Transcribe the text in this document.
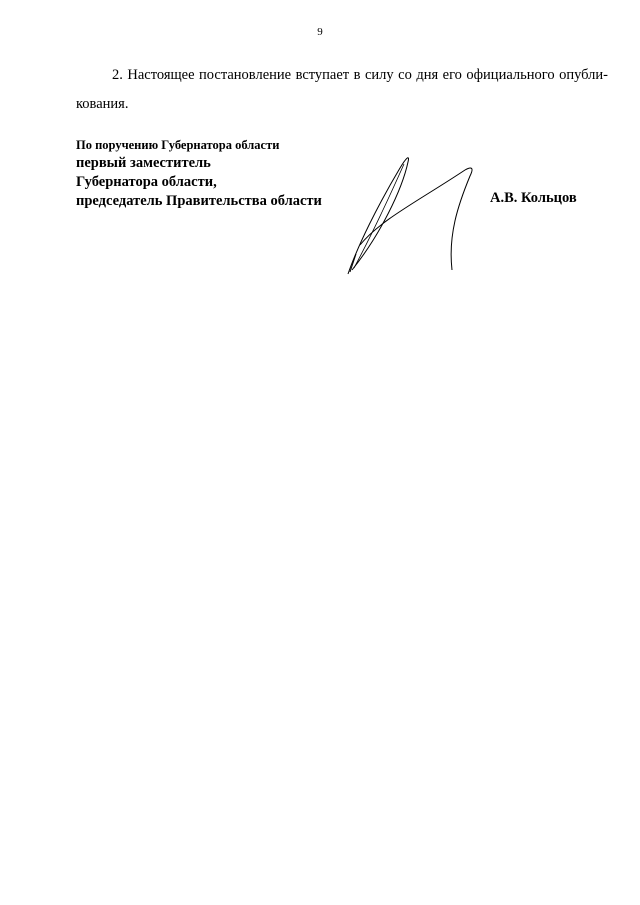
9
2. Настоящее постановление вступает в силу со дня его официального опубли-кования.
По поручению Губернатора области
первый заместитель
Губернатора области,
председатель Правительства области	А.В. Кольцов
